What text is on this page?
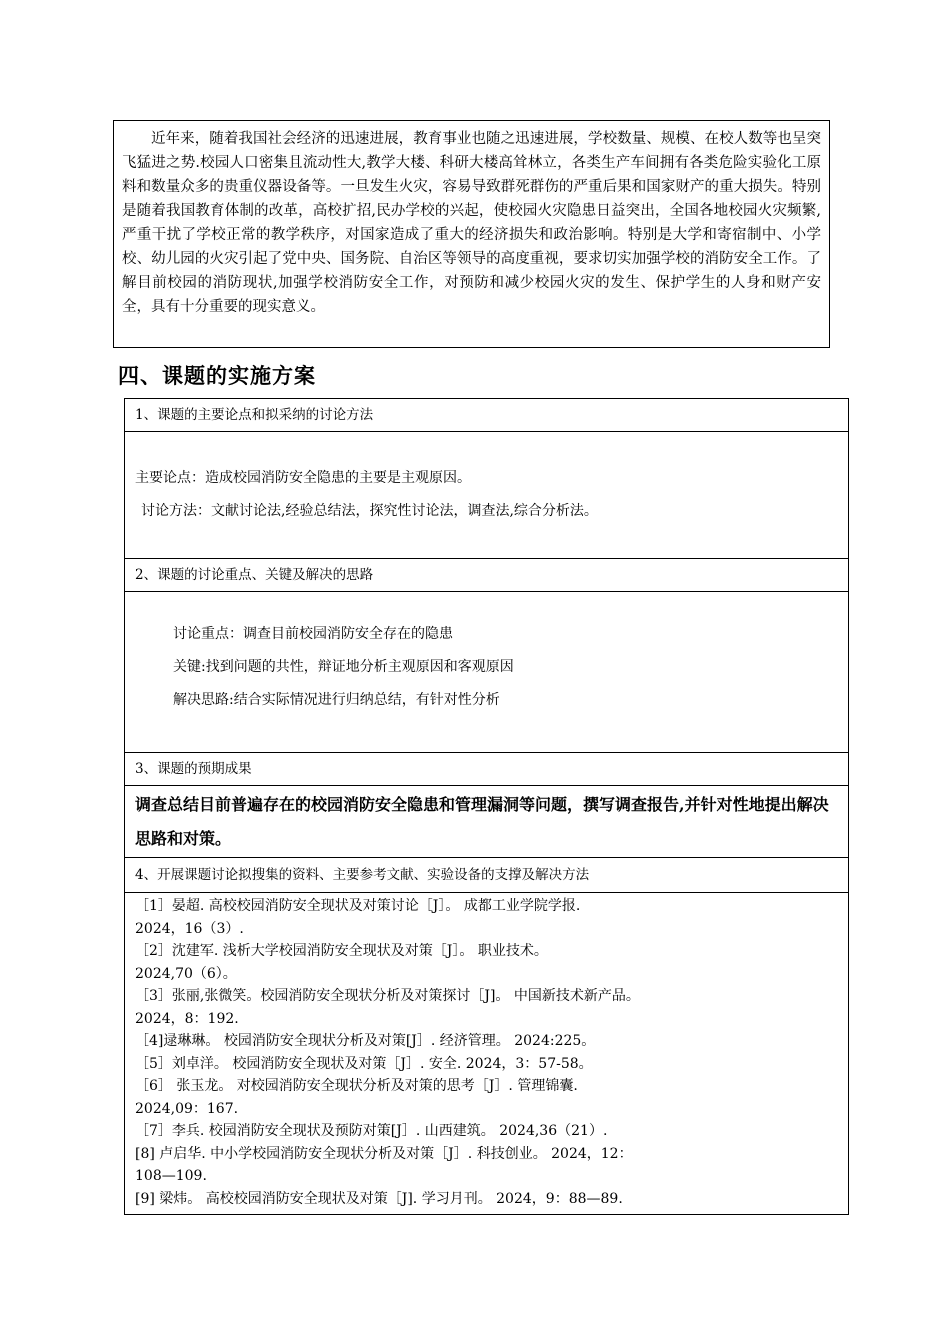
近年来，随着我国社会经济的迅速进展，教育事业也随之迅速进展，学校数量、规模、在校人数等也呈突飞猛进之势.校园人口密集且流动性大,教学大楼、科研大楼高耸林立，各类生产车间拥有各类危险实验化工原料和数量众多的贵重仪器设备等。一旦发生火灾，容易导致群死群伤的严重后果和国家财产的重大损失。特别是随着我国教育体制的改革，高校扩招,民办学校的兴起，使校园火灾隐患日益突出，全国各地校园火灾频繁,严重干扰了学校正常的教学秩序，对国家造成了重大的经济损失和政治影响。特别是大学和寄宿制中、小学校、幼儿园的火灾引起了党中央、国务院、自治区等领导的高度重视，要求切实加强学校的消防安全工作。了解目前校园的消防现状,加强学校消防安全工作，对预防和减少校园火灾的发生、保护学生的人身和财产安全，具有十分重要的现实意义。

四、课题的实施方案
1、课题的主要论点和拟采纳的讨论方法
主要论点：造成校园消防安全隐患的主要是主观原因。
讨论方法：文献讨论法,经验总结法，探究性讨论法，调查法,综合分析法。
2、课题的讨论重点、关键及解决的思路
讨论重点：调查目前校园消防安全存在的隐患
关键:找到问题的共性，辩证地分析主观原因和客观原因
解决思路:结合实际情况进行归纳总结，有针对性分析
3、课题的预期成果
调查总结目前普遍存在的校园消防安全隐患和管理漏洞等问题，撰写调查报告,并针对性地提出解决思路和对策。
4、开展课题讨论拟搜集的资料、主要参考文献、实验设备的支撑及解决方法
［1］晏超. 高校校园消防安全现状及对策讨论［J］。 成都工业学院学报.
2024，16（3）.
［2］沈建军. 浅析大学校园消防安全现状及对策［J］。 职业技术。
2024,70（6）。
［3］张丽,张微笑。校园消防安全现状分析及对策探讨［J]。 中国新技术新产品。
2024，8：192.
［4]逯琳琳。 校园消防安全现状分析及对策[J］. 经济管理。 2024:225。
［5］刘卓洋。 校园消防安全现状及对策［J］. 安全. 2024，3：57-58。
［6］ 张玉龙。 对校园消防安全现状分析及对策的思考［J］. 管理锦囊.
2024,09：167.
［7］李兵. 校园消防安全现状及预防对策[J］. 山西建筑。 2024,36（21）.
[8] 卢启华. 中小学校园消防安全现状分析及对策［J］. 科技创业。 2024，12：
108—109.
[9] 梁炜。 高校校园消防安全现状及对策［J]. 学习月刊。 2024，9：88—89.
